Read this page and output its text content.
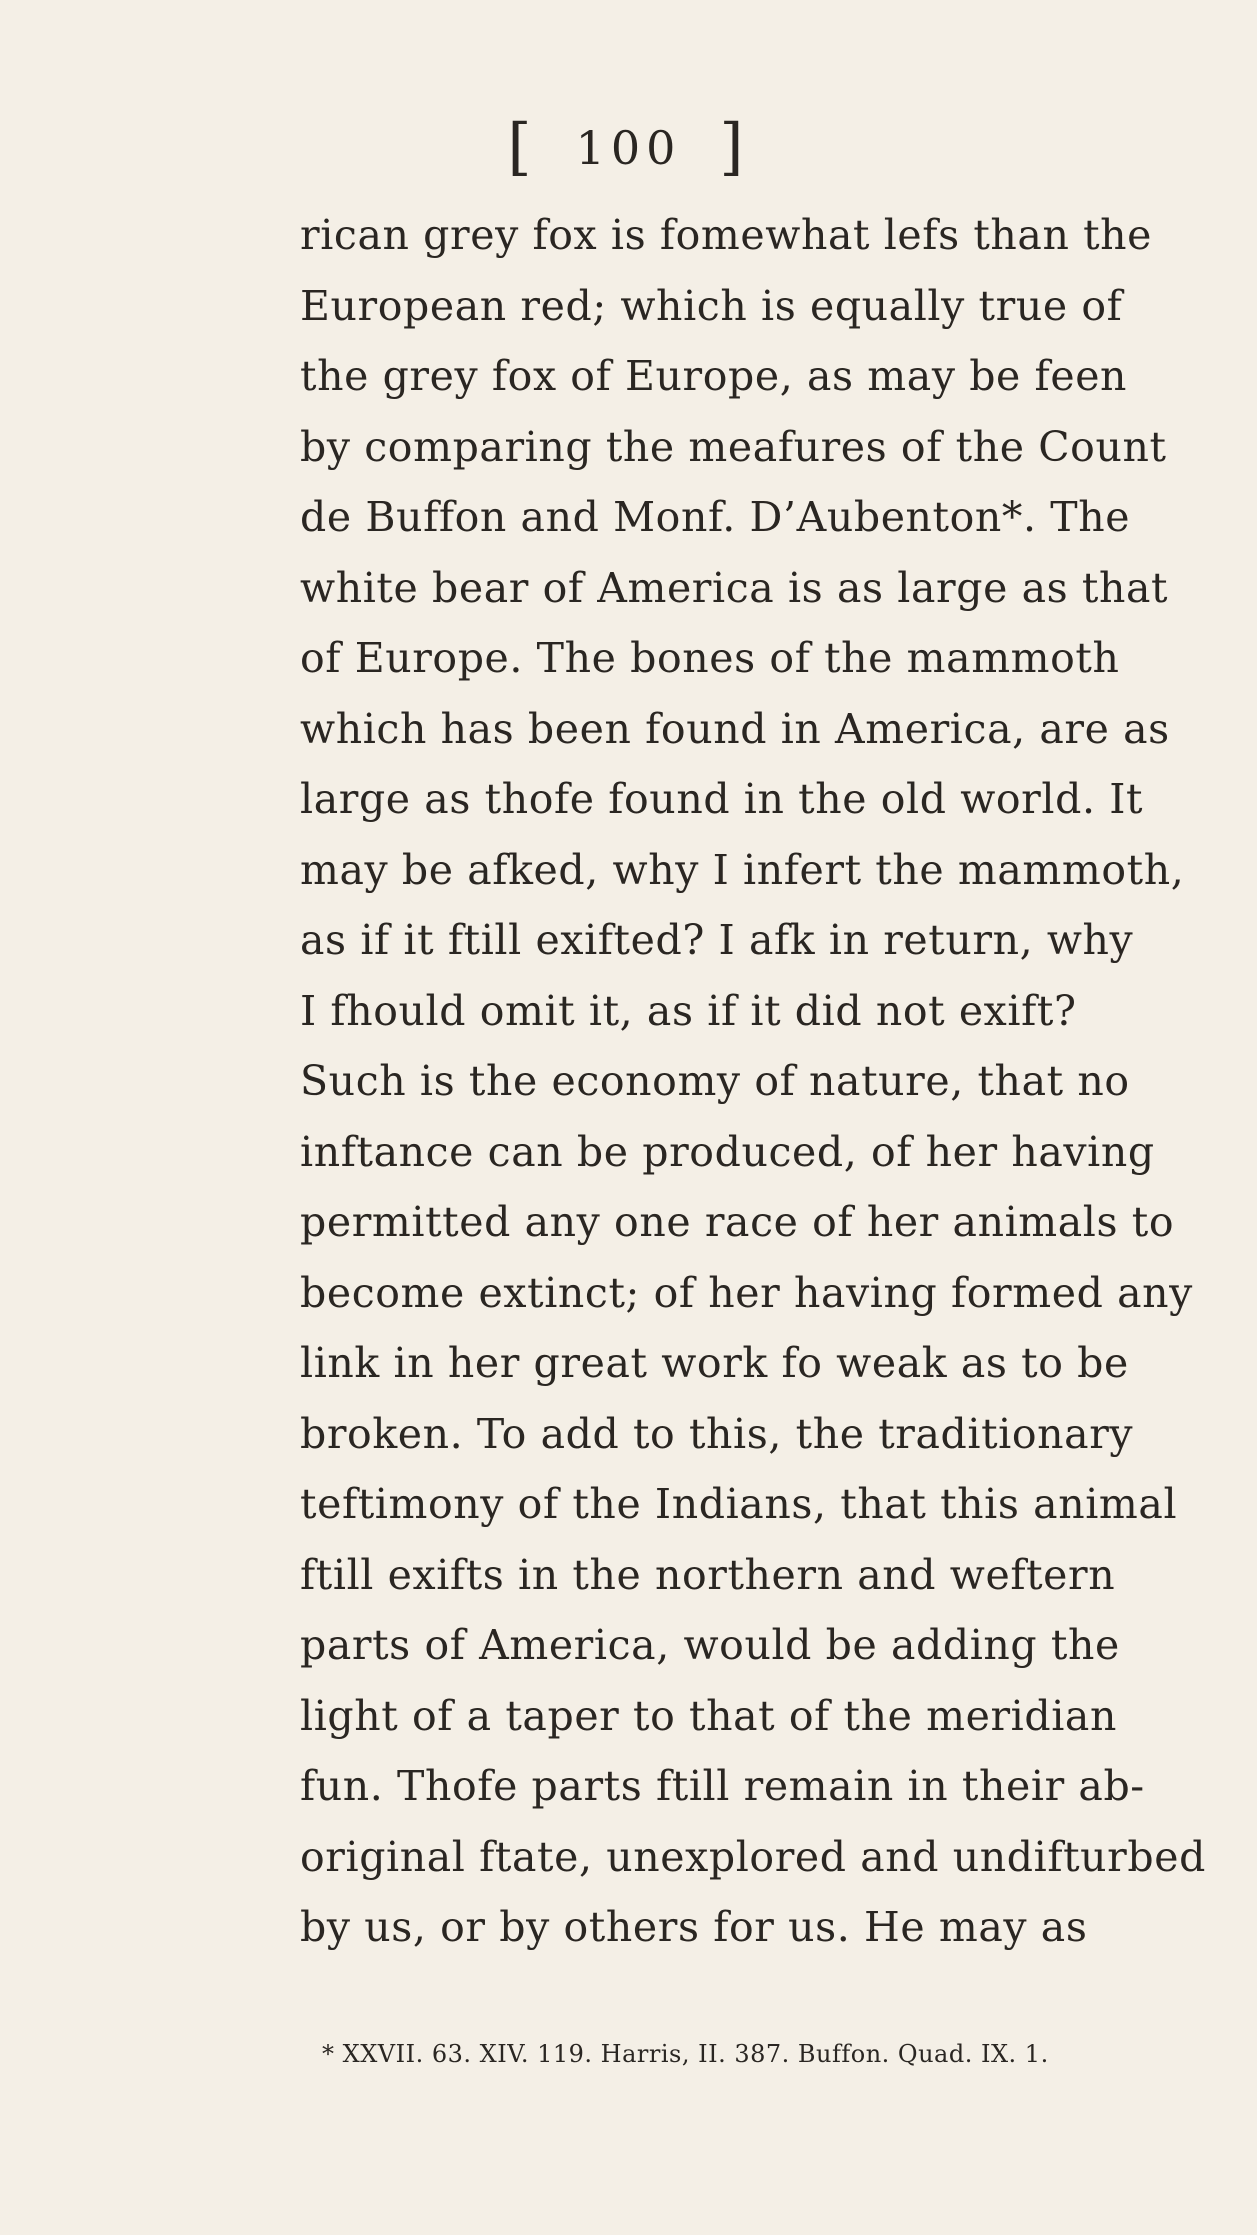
[ 100 ]
rican grey fox is fomewhat lefs than the
European red; which is equally true of
the grey fox of Europe, as may be feen
by comparing the meafures of the Count
de Buffon and Monf. D’Aubenton*. The
white bear of America is as large as that
of Europe. The bones of the mammoth
which has been found in America, are as
large as thofe found in the old world. It
may be afked, why I infert the mammoth,
as if it ftill exifted? I afk in return, why
I fhould omit it, as if it did not exift?
Such is the economy of nature, that no
inftance can be produced, of her having
permitted any one race of her animals to
become extinct; of her having formed any
link in her great work fo weak as to be
broken. To add to this, the traditionary
teftimony of the Indians, that this animal
ftill exifts in the northern and weftern
parts of America, would be adding the
light of a taper to that of the meridian
fun. Thofe parts ftill remain in their ab-
original ftate, unexplored and undifturbed
by us, or by others for us. He may as
* XXVII. 63. XIV. 119. Harris, II. 387. Buffon. Quad. IX. 1.
